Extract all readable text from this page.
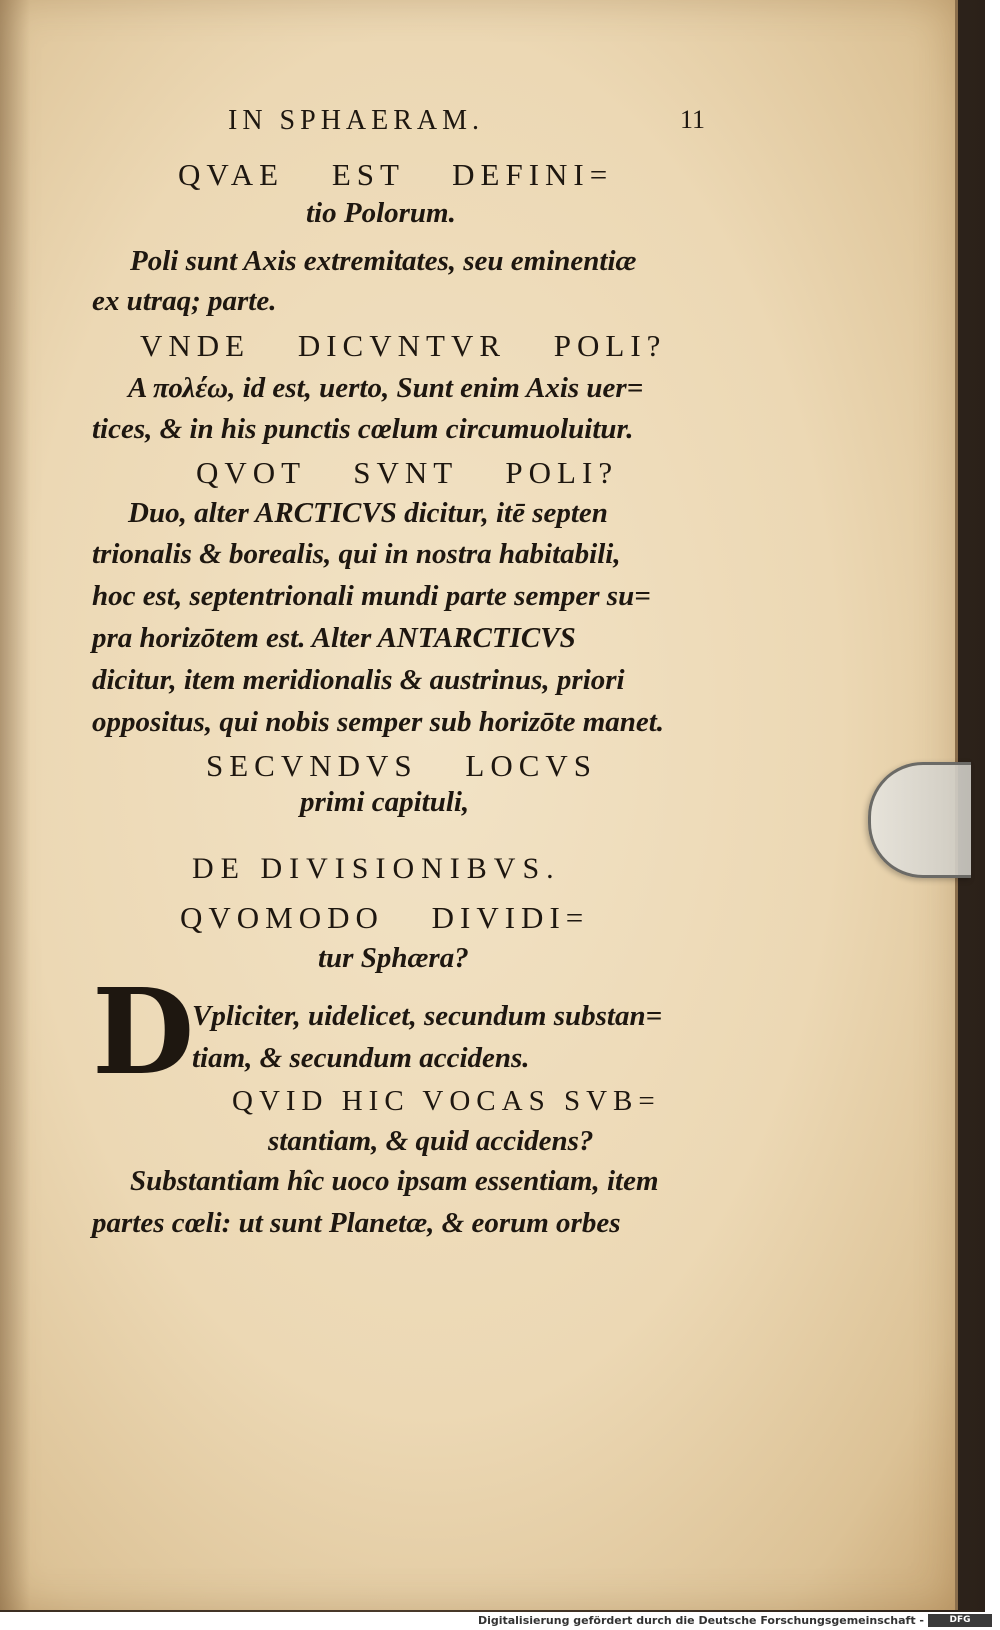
IN SPHAERAM.	11
QVAE EST DEFINI=
tio Polorum.
Poli sunt Axis extremitates, seu eminentiæ
ex utraq; parte.
VNDE DICVNTVR POLI?
A πολέω, id est, uerto, Sunt enim Axis uer=
tices, & in his punctis cœlum circumuoluitur.
QVOT SVNT POLI?
Duo, alter ARCTICVS dicitur, itē septen
trionalis & borealis, qui in nostra habitabili,
hoc est, septentrionali mundi parte semper su=
pra horizōtem est. Alter ANTARCTICVS
dicitur, item meridionalis & austrinus, priori
oppositus, qui nobis semper sub horizōte manet.
SECVNDVS LOCVS
primi capituli,
DE DIVISIONIBVS.
QVOMODO DIVIDI=
tur Sphæra?
D
Vpliciter, uidelicet, secundum substan=
tiam, & secundum accidens.
QVID HIC VOCAS SVB=
stantiam, & quid accidens?
Substantiam hîc uoco ipsam essentiam, item
partes cœli: ut sunt Planetæ, & eorum orbes
Digitalisierung gefördert durch die Deutsche Forschungsgemeinschaft -	DFG
